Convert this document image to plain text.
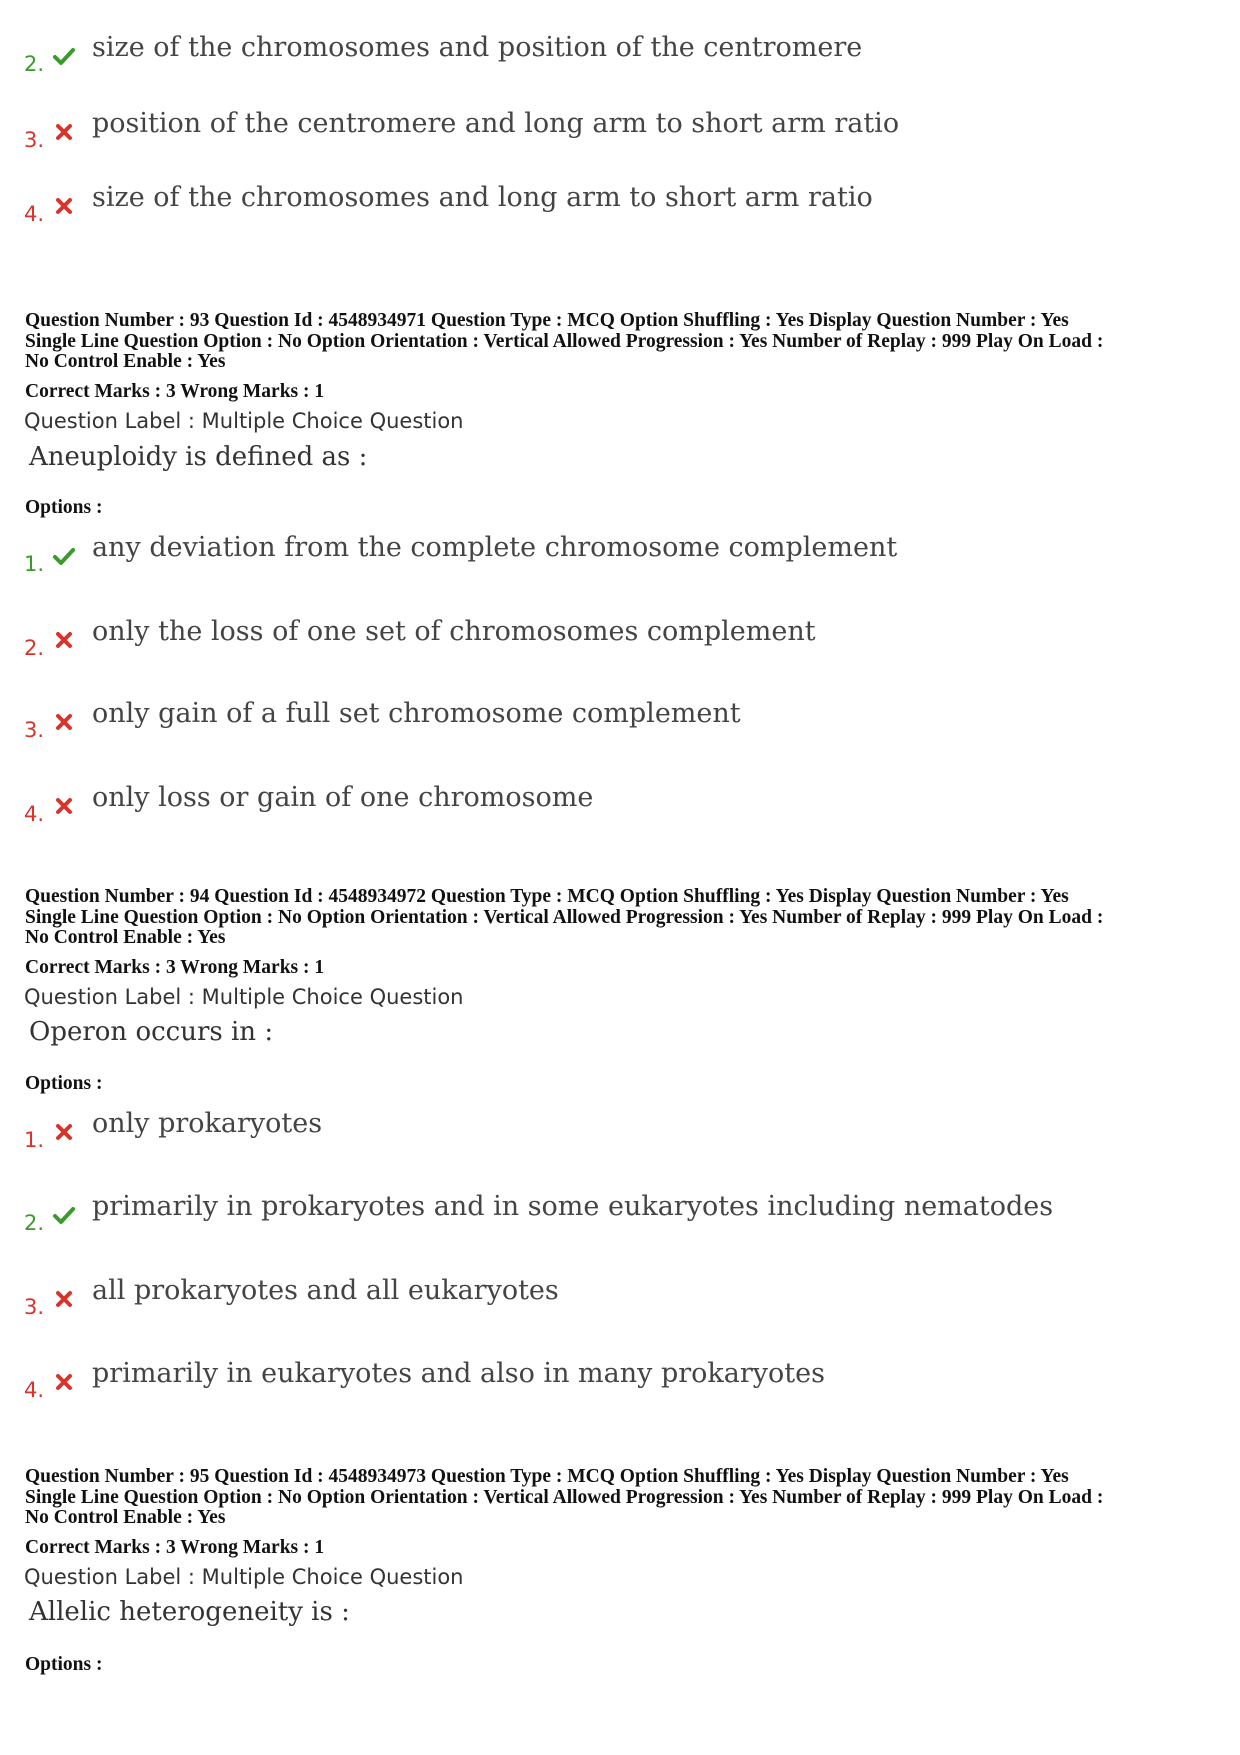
2.
size of the chromosomes and position of the centromere
3.
position of the centromere and long arm to short arm ratio
4.
size of the chromosomes and long arm to short arm ratio
Question Number : 93 Question Id : 4548934971 Question Type : MCQ Option Shuffling : Yes Display Question Number : Yes
Single Line Question Option : No Option Orientation : Vertical Allowed Progression : Yes Number of Replay : 999 Play On Load :
No Control Enable : Yes
Correct Marks : 3 Wrong Marks : 1
Question Label : Multiple Choice Question
Aneuploidy is defined as :
Options :
1.
any deviation from the complete chromosome complement
2.
only the loss of one set of chromosomes complement
3.
only gain of a full set chromosome complement
4.
only loss or gain of one chromosome
Question Number : 94 Question Id : 4548934972 Question Type : MCQ Option Shuffling : Yes Display Question Number : Yes
Single Line Question Option : No Option Orientation : Vertical Allowed Progression : Yes Number of Replay : 999 Play On Load :
No Control Enable : Yes
Correct Marks : 3 Wrong Marks : 1
Question Label : Multiple Choice Question
Operon occurs in :
Options :
1.
only prokaryotes
2.
primarily in prokaryotes and in some eukaryotes including nematodes
3.
all prokaryotes and all eukaryotes
4.
primarily in eukaryotes and also in many prokaryotes
Question Number : 95 Question Id : 4548934973 Question Type : MCQ Option Shuffling : Yes Display Question Number : Yes
Single Line Question Option : No Option Orientation : Vertical Allowed Progression : Yes Number of Replay : 999 Play On Load :
No Control Enable : Yes
Correct Marks : 3 Wrong Marks : 1
Question Label : Multiple Choice Question
Allelic heterogeneity is :
Options :
